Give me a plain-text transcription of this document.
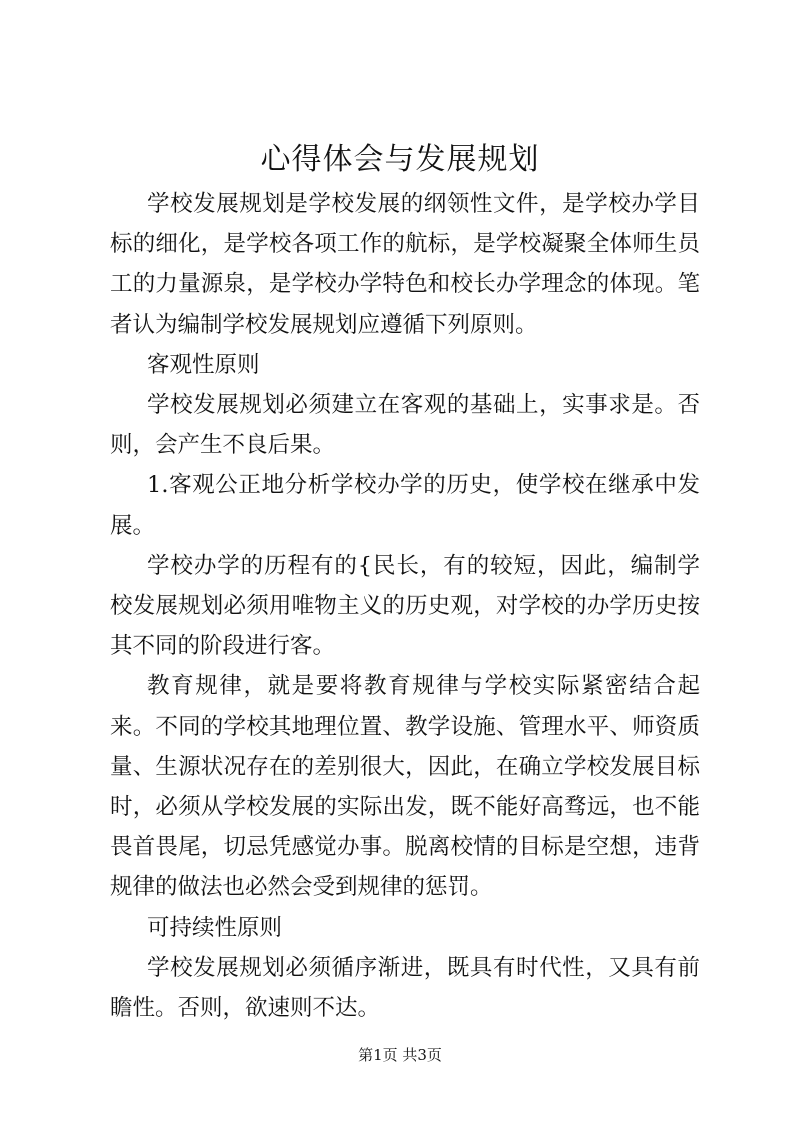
心得体会与发展规划

学校发展规划是学校发展的纲领性文件，是学校办学目标的细化，是学校各项工作的航标，是学校凝聚全体师生员工的力量源泉，是学校办学特色和校长办学理念的体现。笔者认为编制学校发展规划应遵循下列原则。

客观性原则

学校发展规划必须建立在客观的基础上，实事求是。否则，会产生不良后果。

1.客观公正地分析学校办学的历史，使学校在继承中发展。

学校办学的历程有的{民长，有的较短，因此，编制学校发展规划必须用唯物主义的历史观，对学校的办学历史按其不同的阶段进行客。

教育规律，就是要将教育规律与学校实际紧密结合起来。不同的学校其地理位置、教学设施、管理水平、师资质量、生源状况存在的差别很大，因此，在确立学校发展目标时，必须从学校发展的实际出发，既不能好高骛远，也不能畏首畏尾，切忌凭感觉办事。脱离校情的目标是空想，违背规律的做法也必然会受到规律的惩罚。

可持续性原则

学校发展规划必须循序渐进，既具有时代性，又具有前瞻性。否则，欲速则不达。

第1页 共3页
